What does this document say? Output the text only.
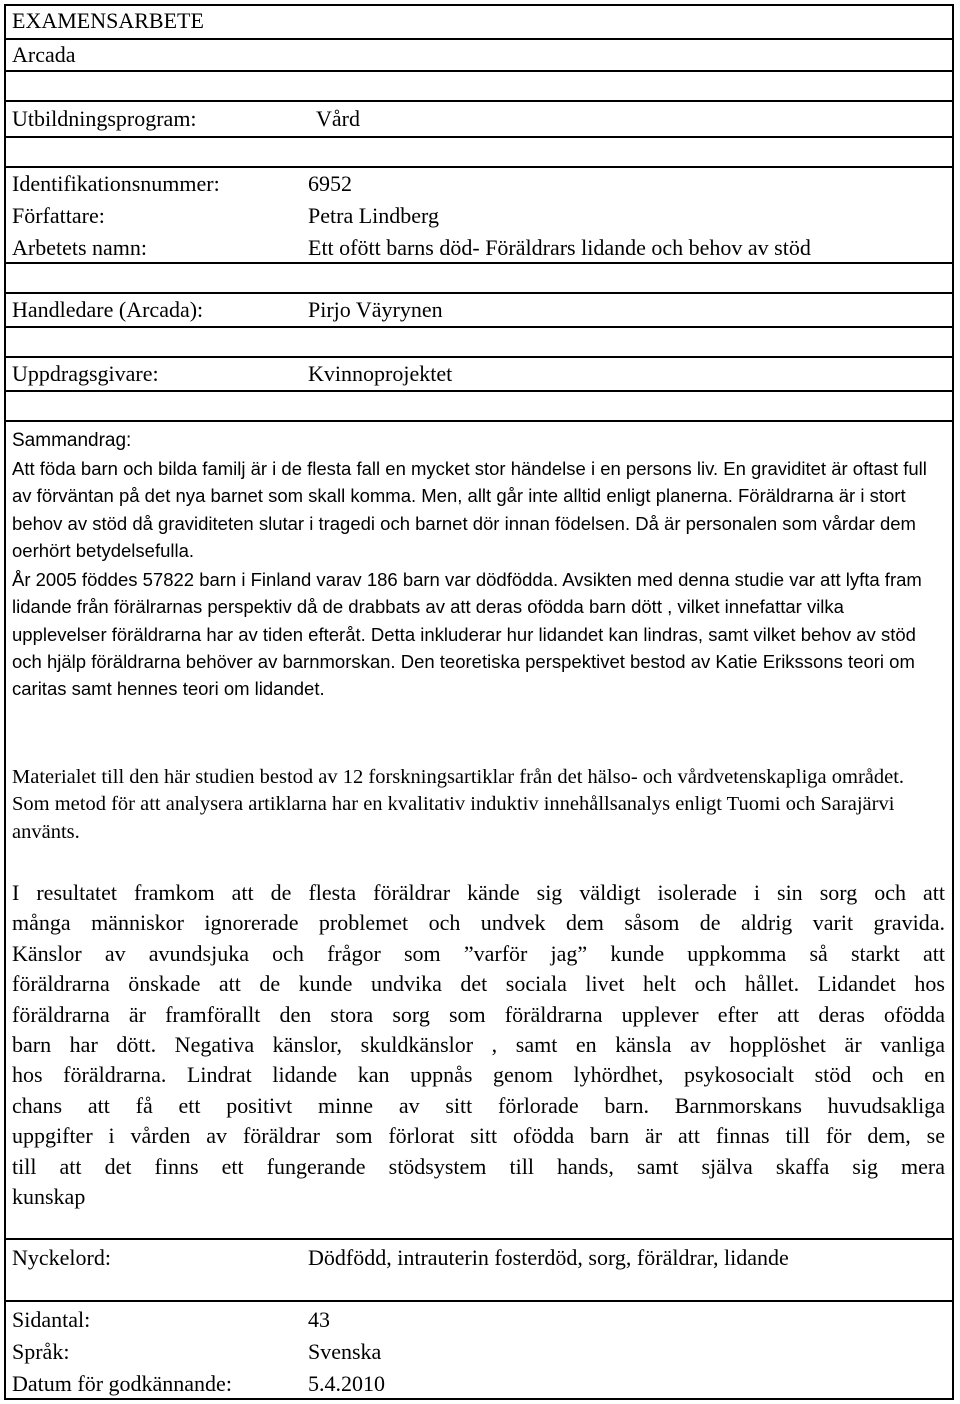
EXAMENSARBETE
Arcada
Utbildningsprogram:	Vård
Identifikationsnummer:	6952
Författare:	Petra Lindberg
Arbetets namn:	Ett ofött barns död- Föräldrars lidande och behov av stöd
Handledare (Arcada):	Pirjo Väyrynen
Uppdragsgivare:	Kvinnoprojektet
Sammandrag:
Att föda barn och bilda familj är i de flesta fall en mycket stor händelse i en persons liv. En graviditet är oftast full av förväntan på det nya barnet som skall komma. Men, allt går inte alltid enligt planerna. Föräldrarna är i stort behov av stöd då graviditeten slutar i tragedi och barnet dör innan födelsen. Då är personalen som vårdar dem oerhört betydelsefulla.
År 2005 föddes 57822 barn i Finland varav 186 barn var dödfödda. Avsikten med denna studie var att lyfta fram lidande från förälrarnas perspektiv då de drabbats av att deras ofödda barn dött , vilket innefattar vilka upplevelser föräldrarna har av tiden efteråt. Detta inkluderar hur lidandet kan lindras, samt vilket behov av stöd och hjälp föräldrarna behöver av barnmorskan. Den teoretiska perspektivet bestod av Katie Erikssons teori om caritas samt hennes teori om lidandet.
Materialet till den här studien bestod av 12 forskningsartiklar från det hälso- och vårdvetenskapliga området. Som metod för att analysera artiklarna har en kvalitativ induktiv innehållsanalys enligt Tuomi och Sarajärvi använts.
I resultatet framkom att de flesta föräldrar kände sig väldigt isolerade i sin sorg och att
många människor ignorerade problemet och undvek dem såsom de aldrig varit gravida.
Känslor av avundsjuka och frågor som ”varför jag” kunde uppkomma så starkt att
föräldrarna önskade att de kunde undvika det sociala livet helt och hållet. Lidandet hos
föräldrarna är framförallt den stora sorg som föräldrarna upplever efter att deras ofödda
barn har dött. Negativa känslor, skuldkänslor , samt en känsla av hopplöshet är vanliga
hos föräldrarna. Lindrat lidande kan uppnås genom lyhördhet, psykosocialt stöd och en
chans att få ett positivt minne av sitt förlorade barn. Barnmorskans huvudsakliga
uppgifter i vården av föräldrar som förlorat sitt ofödda barn är att finnas till för dem, se
till att det finns ett fungerande stödsystem till hands, samt själva skaffa sig mera
kunskap
Nyckelord:	Dödfödd, intrauterin fosterdöd, sorg, föräldrar, lidande
Sidantal:	43
Språk:	Svenska
Datum för godkännande:	5.4.2010
